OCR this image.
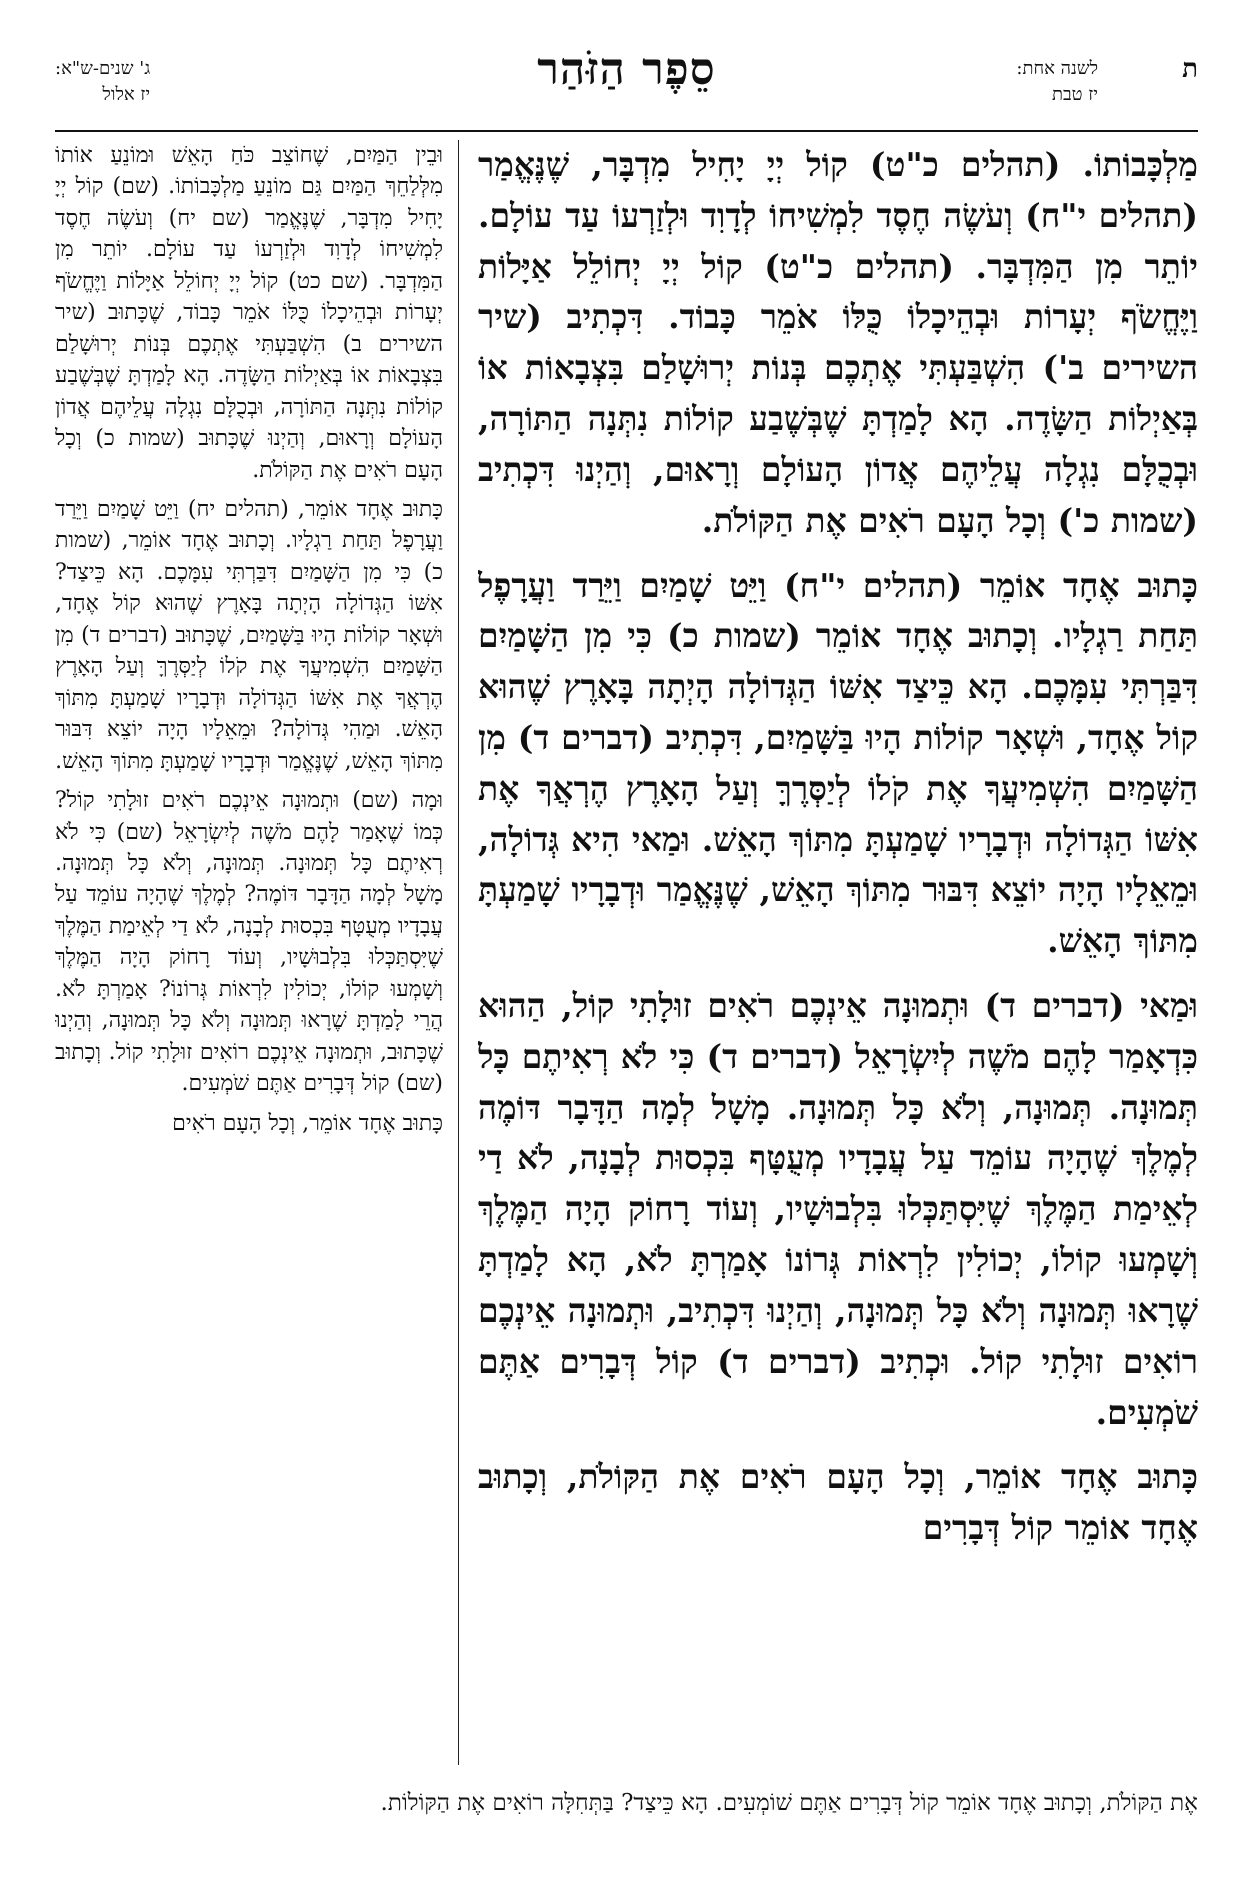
ת
לשנה אחת:
יז טבת
סֵפֶר הַזֹּהַר
ג' שנים-ש"א:
יז אלול

מַלְכָּבוֹתוֹ. (תהלים כ"ט) קוֹל יְיָ יָחִיל מִדְבָּר, שֶׁנֶּאֱמַר (תהלים י"ח) וְעֹשֶׂה חֶסֶד לִמְשִׁיחוֹ לְדָוִד וּלְזַרְעוֹ עַד עוֹלָם. יוֹתֵר מִן הַמִּדְבָּר. (תהלים כ"ט) קוֹל יְיָ יְחוֹלֵל אַיָּלוֹת וַיֶּחֱשֹׂף יְעָרוֹת וּבְהֵיכָלוֹ כֻּלּוֹ אֹמֵר כָּבוֹד. דִּכְתִיב (שיר השירים ב') הִשְׁבַּעְתִּי אֶתְכֶם בְּנוֹת יְרוּשָׁלַם בִּצְבָאוֹת אוֹ בְּאַיְלוֹת הַשָּׂדֶה. הָא לָמַדְתָּ שֶׁבְּשֶׁבַע קוֹלוֹת נִתְּנָה הַתּוֹרָה, וּבְכֻלָּם נִגְלָה עֲלֵיהֶם אֲדוֹן הָעוֹלָם וְרָאוּם, וְהַיְנוּ דִּכְתִיב (שמות כ') וְכָל הָעָם רֹאִים אֶת הַקּוֹלֹת.

כָּתוּב אֶחָד אוֹמֵר (תהלים י"ח) וַיֵּט שָׁמַיִם וַיֵּרַד וַעֲרָפֶל תַּחַת רַגְלָיו. וְכָתוּב אֶחָד אוֹמֵר (שמות כ) כִּי מִן הַשָּׁמַיִם דִּבַּרְתִּי עִמָּכֶם. הָא כֵּיצַד אִשּׁוֹ הַגְּדוֹלָה הָיְתָה בָּאָרֶץ שֶׁהוּא קוֹל אֶחָד, וּשְׁאָר קוֹלוֹת הָיוּ בַּשָּׁמַיִם, דִּכְתִיב (דברים ד) מִן הַשָּׁמַיִם הִשְׁמִיעֲךָ אֶת קֹלוֹ לְיַסְּרֶךָּ וְעַל הָאָרֶץ הֶרְאֲךָ אֶת אִשּׁוֹ הַגְּדוֹלָה וּדְבָרָיו שָׁמַעְתָּ מִתּוֹךְ הָאֵשׁ. וּמַאי הִיא גְּדוֹלָה, וּמֵאֵלָיו הָיָה יוֹצֵא דִּבּוּר מִתּוֹךְ הָאֵשׁ, שֶׁנֶּאֱמַר וּדְבָרָיו שָׁמַעְתָּ מִתּוֹךְ הָאֵשׁ.

וּמַאי (דברים ד) וּתְמוּנָה אֵינְכֶם רֹאִים זוּלָתִי קוֹל, הַהוּא כִּדְאָמַר לָהֶם מֹשֶׁה לְיִשְׂרָאֵל (דברים ד) כִּי לֹא רְאִיתֶם כָּל תְּמוּנָה. תְּמוּנָה, וְלֹא כָּל תְּמוּנָה. מָשָׁל לְמָה הַדָּבָר דּוֹמֶה לְמֶלֶךְ שֶׁהָיָה עוֹמֵד עַל עֲבָדָיו מְעֻטָּף בִּכְסוּת לְבָנָה, לֹא דַי לְאֵימַת הַמֶּלֶךְ שֶׁיִּסְתַּכְּלוּ בִּלְבוּשָׁיו, וְעוֹד רָחוֹק הָיָה הַמֶּלֶךְ וְשָׁמְעוּ קוֹלוֹ, יְכוֹלִין לִרְאוֹת גְּרוֹנוֹ אָמַרְתָּ לֹא, הָא לָמַדְתָּ שֶׁרָאוּ תְּמוּנָה וְלֹא כָּל תְּמוּנָה, וְהַיְנוּ דִּכְתִיב, וּתְמוּנָה אֵינְכֶם רוֹאִים זוּלָתִי קוֹל. וּכְתִיב (דברים ד) קוֹל דְּבָרִים אַתֶּם שֹׁמְעִים.

כָּתוּב אֶחָד אוֹמֵר, וְכָל הָעָם רֹאִים אֶת הַקּוֹלֹת, וְכָתוּב אֶחָד אוֹמֵר קוֹל דְּבָרִים

וּבֵין הַמַּיִם, שֶׁחוֹצֵב כֹּחַ הָאֵשׁ וּמוֹנֵעַ אוֹתוֹ מִלְּלַחֵךְ הַמַּיִם גַּם מוֹנֵעַ מַלְכָּבוֹתוֹ. (שם) קוֹל יְיָ יָחִיל מִדְבָּר, שֶׁנֶּאֱמַר (שם יח) וְעֹשֶׂה חֶסֶד לִמְשִׁיחוֹ לְדָוִד וּלְזַרְעוֹ עַד עוֹלָם. יוֹתֵר מִן הַמִּדְבָּר. (שם כט) קוֹל יְיָ יְחוֹלֵל אַיָּלוֹת וַיֶּחֱשֹׂף יְעָרוֹת וּבְהֵיכָלוֹ כֻּלּוֹ אֹמֵר כָּבוֹד, שֶׁכָּתוּב (שיר השירים ב) הִשְׁבַּעְתִּי אֶתְכֶם בְּנוֹת יְרוּשָׁלַם בִּצְבָאוֹת אוֹ בְּאַיְלוֹת הַשָּׂדֶה. הָא לָמַדְתָּ שֶׁבְּשֶׁבַע קוֹלוֹת נִתְּנָה הַתּוֹרָה, וּבְכֻלָּם נִגְלָה עֲלֵיהֶם אֲדוֹן הָעוֹלָם וְרָאוּם, וְהַיְנוּ שֶׁכָּתוּב (שמות כ) וְכָל הָעָם רֹאִים אֶת הַקּוֹלֹת.

כָּתוּב אֶחָד אוֹמֵר, (תהלים יח) וַיֵּט שָׁמַיִם וַיֵּרַד וַעֲרָפֶל תַּחַת רַגְלָיו. וְכָתוּב אֶחָד אוֹמֵר, (שמות כ) כִּי מִן הַשָּׁמַיִם דִּבַּרְתִּי עִמָּכֶם. הָא כֵּיצַד? אִשּׁוֹ הַגְּדוֹלָה הָיְתָה בָּאָרֶץ שֶׁהוּא קוֹל אֶחָד, וּשְׁאָר קוֹלוֹת הָיוּ בַּשָּׁמַיִם, שֶׁכָּתוּב (דברים ד) מִן הַשָּׁמַיִם הִשְׁמִיעֲךָ אֶת קֹלוֹ לְיַסְּרֶךָּ וְעַל הָאָרֶץ הֶרְאֲךָ אֶת אִשּׁוֹ הַגְּדוֹלָה וּדְבָרָיו שָׁמַעְתָּ מִתּוֹךְ הָאֵשׁ. וּמַהִי גְּדוֹלָה? וּמֵאֵלָיו הָיָה יוֹצֵא דִּבּוּר מִתּוֹךְ הָאֵשׁ, שֶׁנֶּאֱמַר וּדְבָרָיו שָׁמַעְתָּ מִתּוֹךְ הָאֵשׁ.

וּמָה (שם) וּתְמוּנָה אֵינְכֶם רֹאִים זוּלָתִי קוֹל? כְּמוֹ שֶׁאָמַר לָהֶם מֹשֶׁה לְיִשְׂרָאֵל (שם) כִּי לֹא רְאִיתֶם כָּל תְּמוּנָה. תְּמוּנָה, וְלֹא כָּל תְּמוּנָה. מָשָׁל לְמָה הַדָּבָר דּוֹמֶה? לְמֶלֶךְ שֶׁהָיָה עוֹמֵד עַל עֲבָדָיו מְעֻטָּף בִּכְסוּת לְבָנָה, לֹא דַי לְאֵימַת הַמֶּלֶךְ שֶׁיִּסְתַּכְּלוּ בִּלְבוּשָׁיו, וְעוֹד רָחוֹק הָיָה הַמֶּלֶךְ וְשָׁמְעוּ קוֹלוֹ, יְכוֹלִין לִרְאוֹת גְּרוֹנוֹ? אָמַרְתָּ לֹא. הֲרֵי לָמַדְתָּ שֶׁרָאוּ תְּמוּנָה וְלֹא כָּל תְּמוּנָה, וְהַיְנוּ שֶׁכָּתוּב, וּתְמוּנָה אֵינְכֶם רוֹאִים זוּלָתִי קוֹל. וְכָתוּב (שם) קוֹל דְּבָרִים אַתֶּם שֹׁמְעִים.

כָּתוּב אֶחָד אוֹמֵר, וְכָל הָעָם רֹאִים

אֶת הַקּוֹלֹת, וְכָתוּב אֶחָד אוֹמֵר קוֹל דְּבָרִים אַתֶּם שׁוֹמְעִים. הָא כֵּיצַד? בַּתְּחִלָּה רוֹאִים אֶת הַקּוֹלוֹת.
